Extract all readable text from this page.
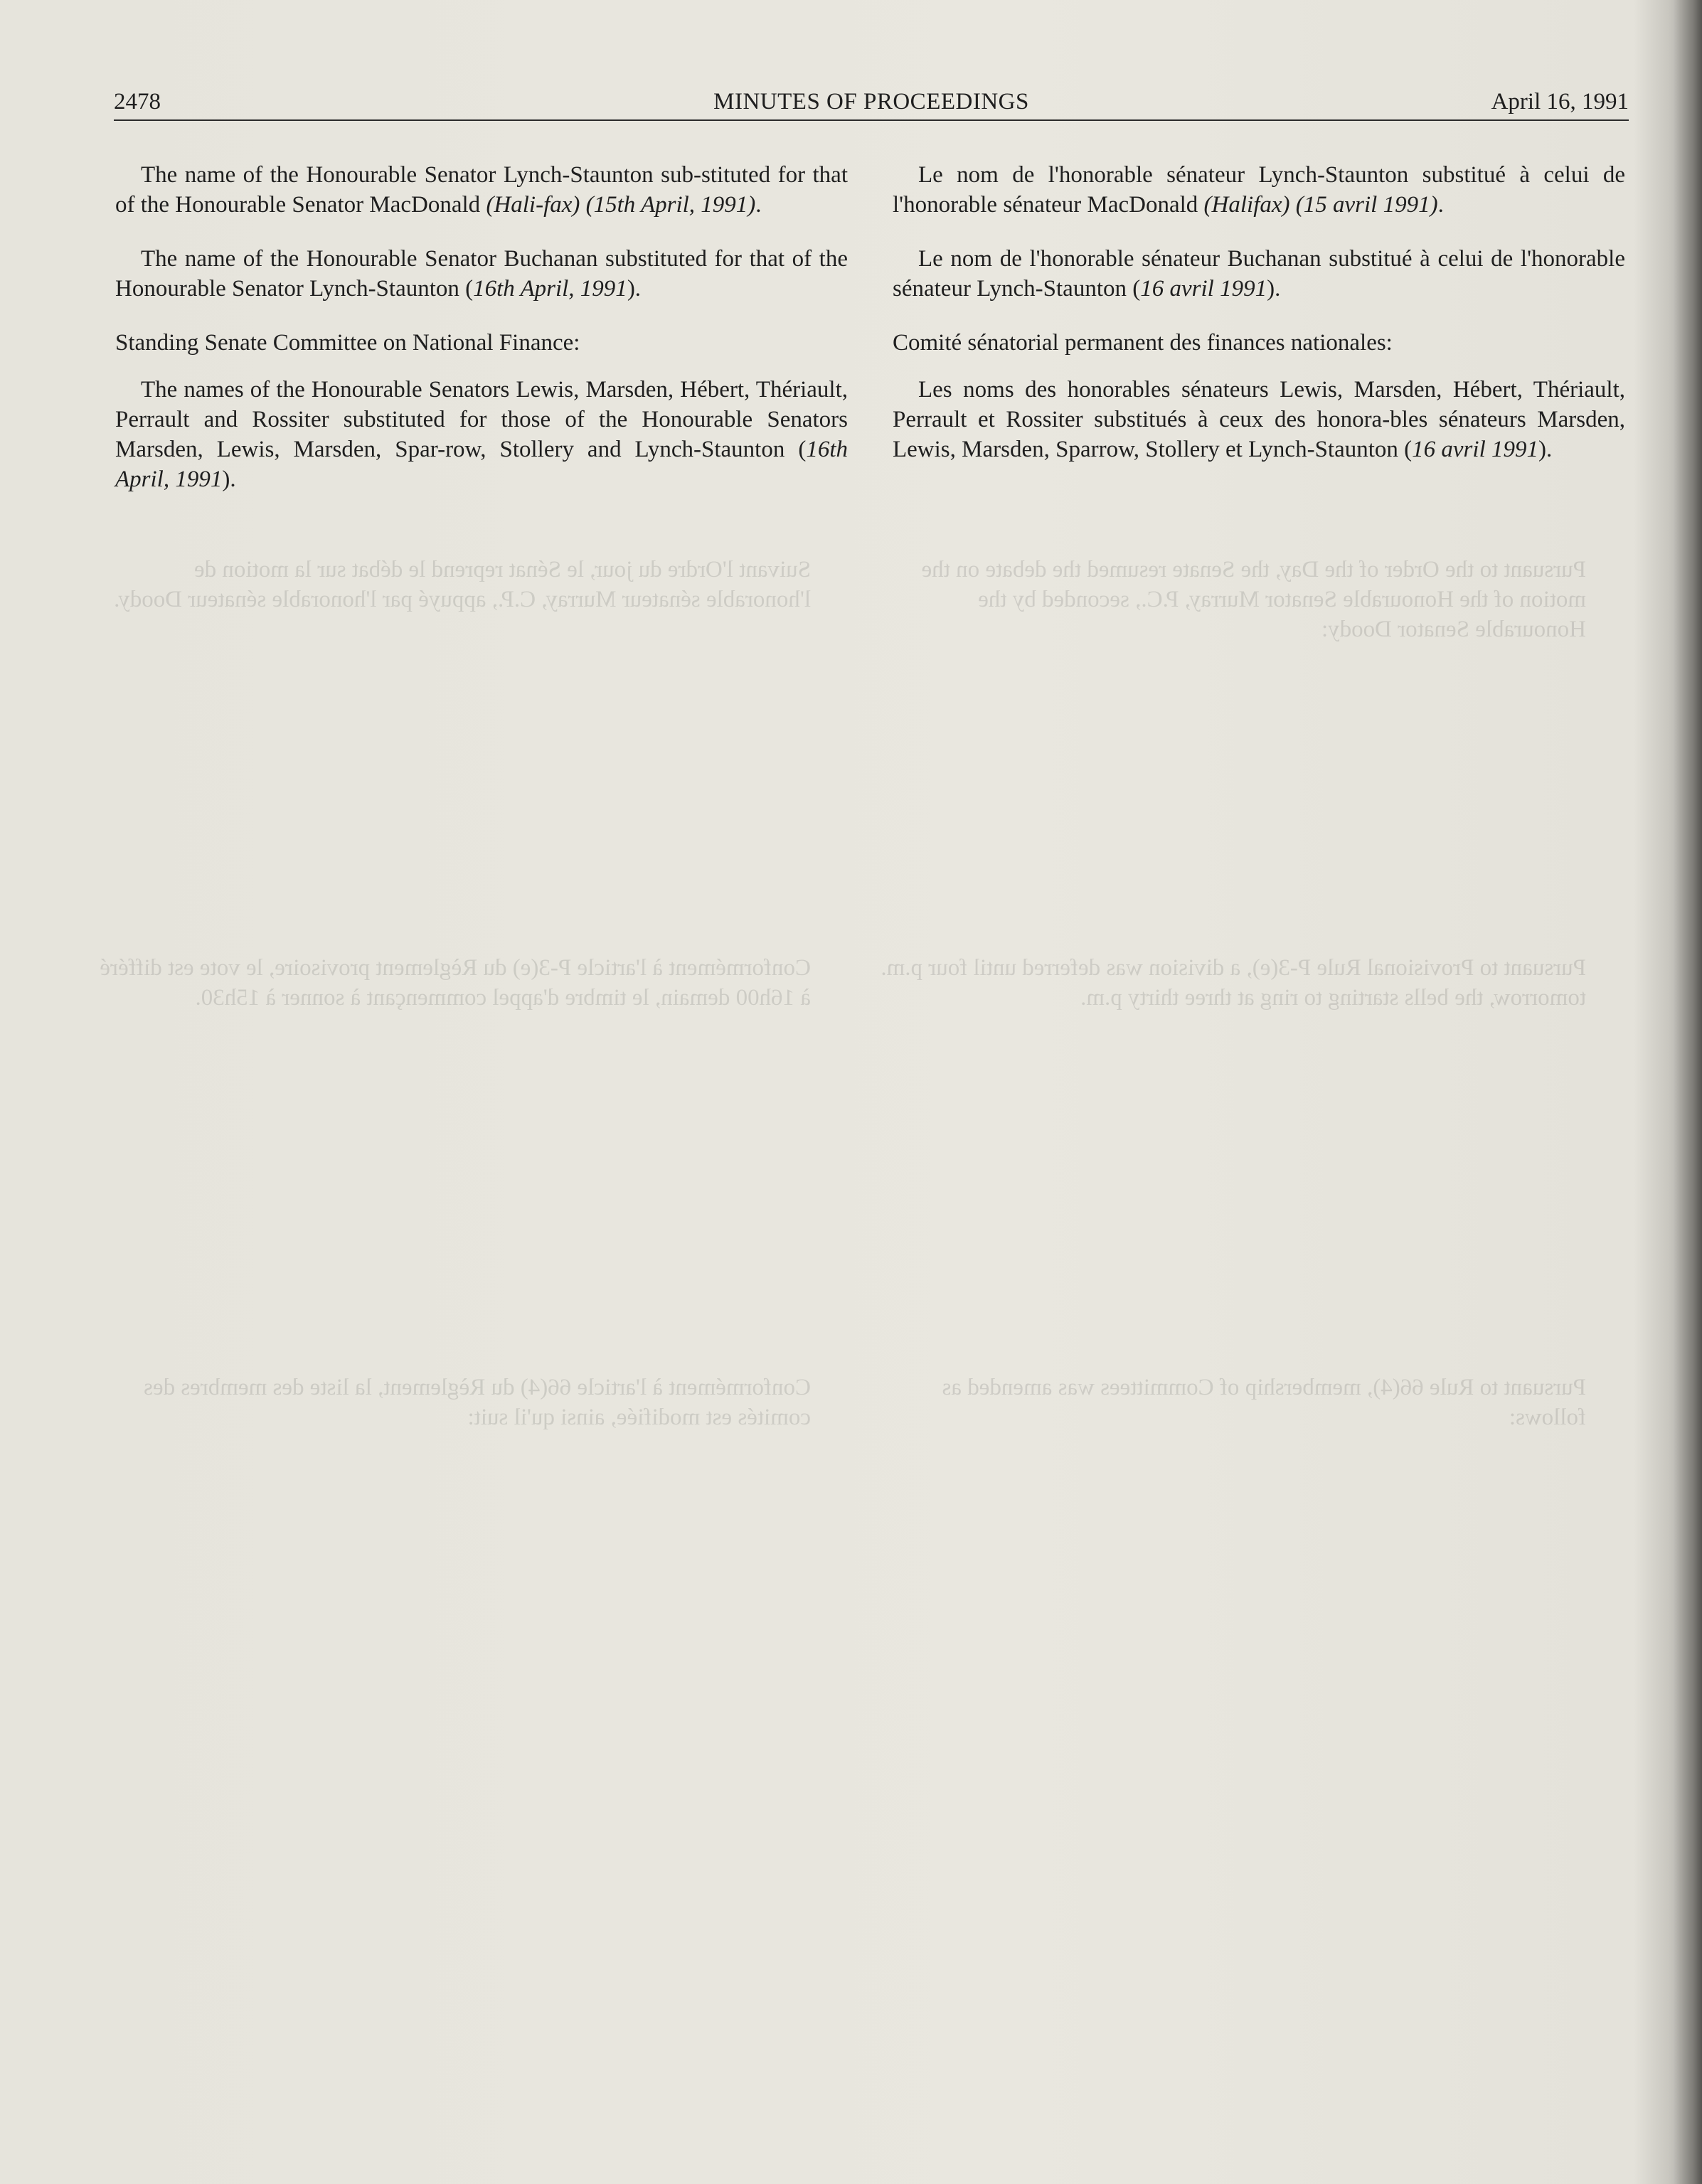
Suivant l'Ordre du jour, le Sénat reprend le débat sur la motion de l'honorable sénateur Murray, C.P., appuyé par l'honorable sénateur Doody.
Pursuant to the Order of the Day, the Senate resumed the debate on the motion of the Honourable Senator Murray, P.C., seconded by the Honourable Senator Doody:
Conformément à l'article P-3(e) du Règlement provisoire, le vote est différé à 16h00 demain, le timbre d'appel commençant à sonner à 15h30.
Pursuant to Provisional Rule P-3(e), a division was deferred until four p.m. tomorrow, the bells starting to ring at three thirty p.m.
Conformément à l'article 66(4) du Règlement, la liste des membres des comités est modifiée, ainsi qu'il suit:
Pursuant to Rule 66(4), membership of Committees was amended as follows:
2478	MINUTES OF PROCEEDINGS	April 16, 1991

The name of the Honourable Senator Lynch-Staunton sub-stituted for that of the Honourable Senator MacDonald (Hali-fax) (15th April, 1991).

The name of the Honourable Senator Buchanan substituted for that of the Honourable Senator Lynch-Staunton (16th April, 1991).

Standing Senate Committee on National Finance:

The names of the Honourable Senators Lewis, Marsden, Hébert, Thériault, Perrault and Rossiter substituted for those of the Honourable Senators Marsden, Lewis, Marsden, Spar-row, Stollery and Lynch-Staunton (16th April, 1991).

Le nom de l'honorable sénateur Lynch-Staunton substitué à celui de l'honorable sénateur MacDonald (Halifax) (15 avril 1991).

Le nom de l'honorable sénateur Buchanan substitué à celui de l'honorable sénateur Lynch-Staunton (16 avril 1991).

Comité sénatorial permanent des finances nationales:

Les noms des honorables sénateurs Lewis, Marsden, Hébert, Thériault, Perrault et Rossiter substitués à ceux des honora-bles sénateurs Marsden, Lewis, Marsden, Sparrow, Stollery et Lynch-Staunton (16 avril 1991).
